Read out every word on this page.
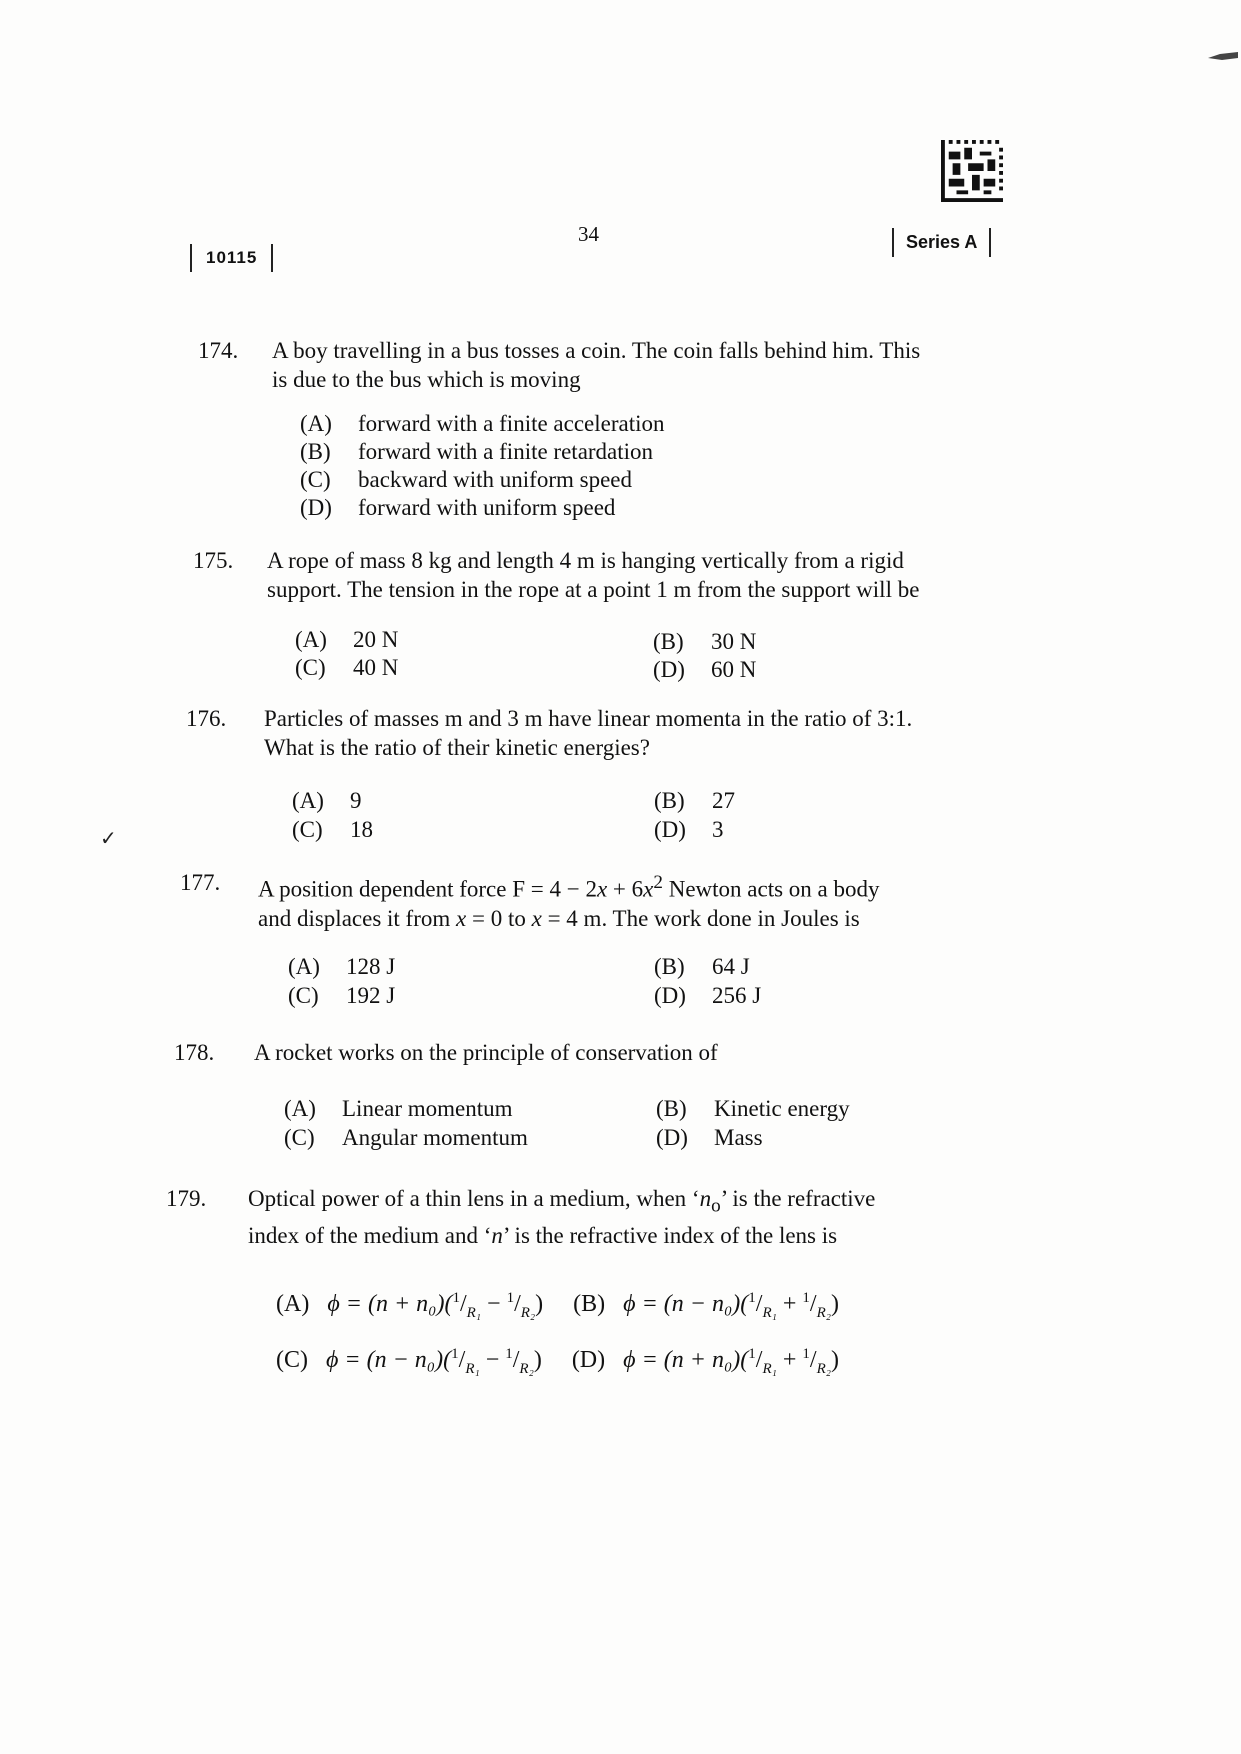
10115
34	Series A
✓
174.	A boy travelling in a bus tosses a coin. The coin falls behind him. This
is due to the bus which is moving
(A)	forward with a finite acceleration
(B)	forward with a finite retardation
(C)	backward with uniform speed
(D)	forward with uniform speed
175.	A rope of mass 8 kg and length 4 m is hanging vertically from a rigid
support. The tension in the rope at a point 1 m from the support will be
(A)	20 N	(B)	30 N
(C)	40 N	(D)	60 N
176.	Particles of masses m and 3 m have linear momenta in the ratio of 3:1.
What is the ratio of their kinetic energies?
(A)	9	(B)	27
(C)	18	(D)	3
177.	A position dependent force $F = 4 - 2x + 6x^2$ Newton acts on a body
and displaces it from x = 0 to x = 4 m. The work done in Joules is
(A)	128 J	(B)	64 J
(C)	192 J	(D)	256 J
178.	A rocket works on the principle of conservation of
(A)	Linear momentum	(B)	Kinetic energy
(C)	Angular momentum	(D)	Mass
179.	Optical power of a thin lens in a medium, when ‘$n_o$’ is the refractive
index of the medium and ‘n’ is the refractive index of the lens is
(A) $\phi = (n + n_0)(^1/_{R_1} - ^1/_{R_2})$ (B) $\phi = (n - n_0)(^1/_{R_1} + ^1/_{R_2})$
(C) $\phi = (n - n_0)(^1/_{R_1} - ^1/_{R_2})$ (D) $\phi = (n + n_0)(^1/_{R_1} + ^1/_{R_2})$
